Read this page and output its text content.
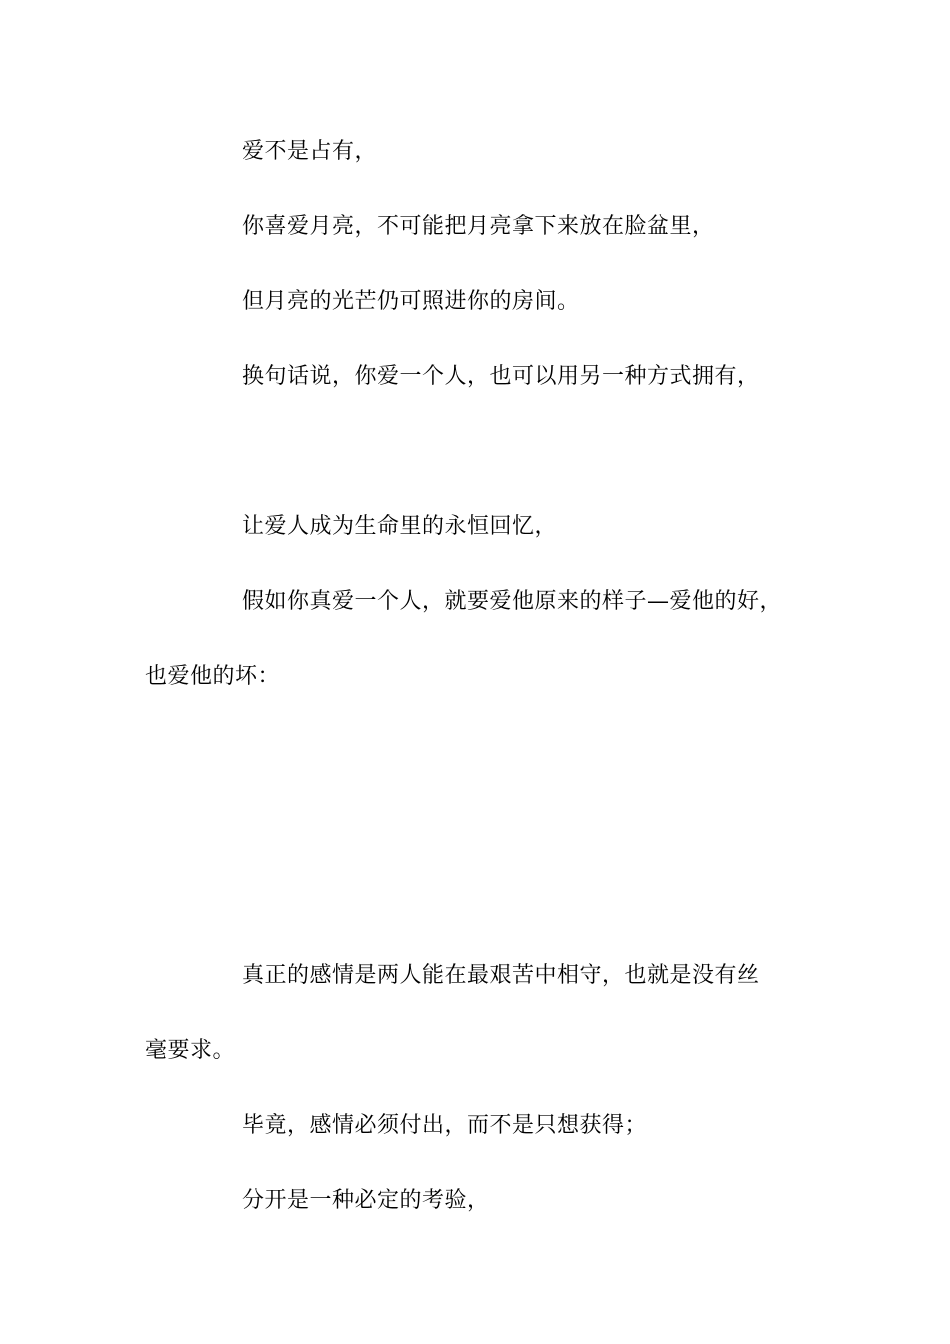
爱不是占有，
你喜爱月亮，不可能把月亮拿下来放在脸盆里，
但月亮的光芒仍可照进你的房间。
换句话说，你爱一个人，也可以用另一种方式拥有，
让爱人成为生命里的永恒回忆，
假如你真爱一个人，就要爱他原来的样子—爱他的好，
也爱他的坏：
真正的感情是两人能在最艰苦中相守，也就是没有丝
毫要求。
毕竟，感情必须付出，而不是只想获得；
分开是一种必定的考验，
